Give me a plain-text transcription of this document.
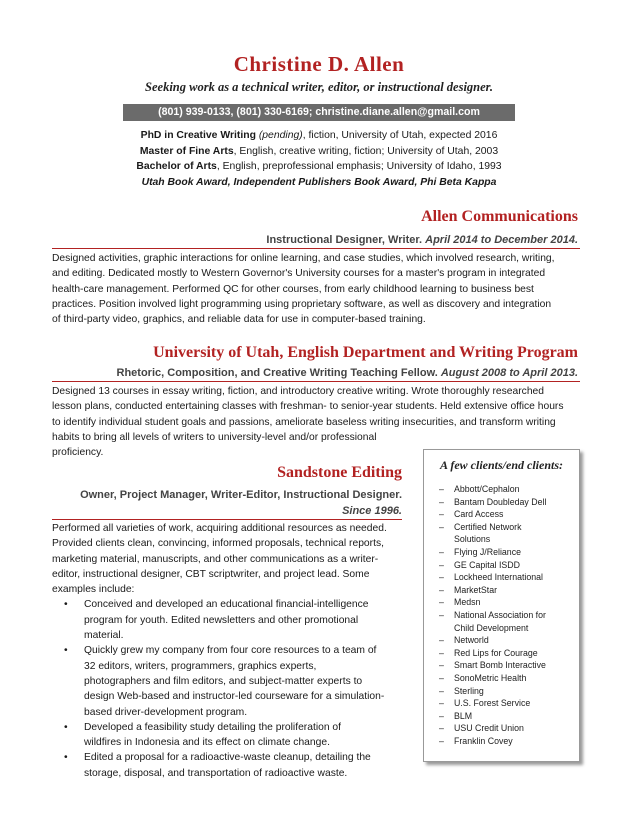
Christine D. Allen
Seeking work as a technical writer, editor, or instructional designer.
(801) 939-0133, (801) 330-6169; christine.diane.allen@gmail.com
PhD in Creative Writing (pending), fiction, University of Utah, expected 2016
Master of Fine Arts, English, creative writing, fiction; University of Utah, 2003
Bachelor of Arts, English, preprofessional emphasis; University of Idaho, 1993
Utah Book Award, Independent Publishers Book Award, Phi Beta Kappa
Allen Communications
Instructional Designer, Writer. April 2014 to December 2014.
Designed activities, graphic interactions for online learning, and case studies, which involved research, writing,
and editing. Dedicated mostly to Western Governor's University courses for a master's program in integrated
health-care management. Performed QC for other courses, from early childhood learning to business best
practices. Position involved light programming using proprietary software, as well as discovery and integration
of third-party video, graphics, and reliable data for use in computer-based training.
University of Utah, English Department and Writing Program
Rhetoric, Composition, and Creative Writing Teaching Fellow. August 2008 to April 2013.
Designed 13 courses in essay writing, fiction, and introductory creative writing. Wrote thoroughly researched
lesson plans, conducted entertaining classes with freshman- to senior-year students. Held extensive office hours
to identify individual student goals and passions, ameliorate baseless writing insecurities, and transform writing
habits to bring all levels of writers to university-level and/or professional
proficiency.
Sandstone Editing
Owner, Project Manager, Writer-Editor, Instructional Designer.
Since 1996.
Performed all varieties of work, acquiring additional resources as needed.
Provided clients clean, convincing, informed proposals, technical reports,
marketing material, manuscripts, and other communications as a writer-
editor, instructional designer, CBT scriptwriter, and project lead. Some
examples include:
• Conceived and developed an educational financial-intelligence
program for youth. Edited newsletters and other promotional
material.
• Quickly grew my company from four core resources to a team of
32 editors, writers, programmers, graphics experts,
photographers and film editors, and subject-matter experts to
design Web-based and instructor-led courseware for a simulation-
based driver-development program.
• Developed a feasibility study detailing the proliferation of
wildfires in Indonesia and its effect on climate change.
• Edited a proposal for a radioactive-waste cleanup, detailing the
storage, disposal, and transportation of radioactive waste.
A few clients/end clients:
– Abbott/Cephalon
– Bantam Doubleday Dell
– Card Access
– Certified Network
Solutions
– Flying J/Reliance
– GE Capital ISDD
– Lockheed International
– MarketStar
– Medsn
– National Association for
Child Development
– Networld
– Red Lips for Courage
– Smart Bomb Interactive
– SonoMetric Health
– Sterling
– U.S. Forest Service
– BLM
– USU Credit Union
– Franklin Covey
